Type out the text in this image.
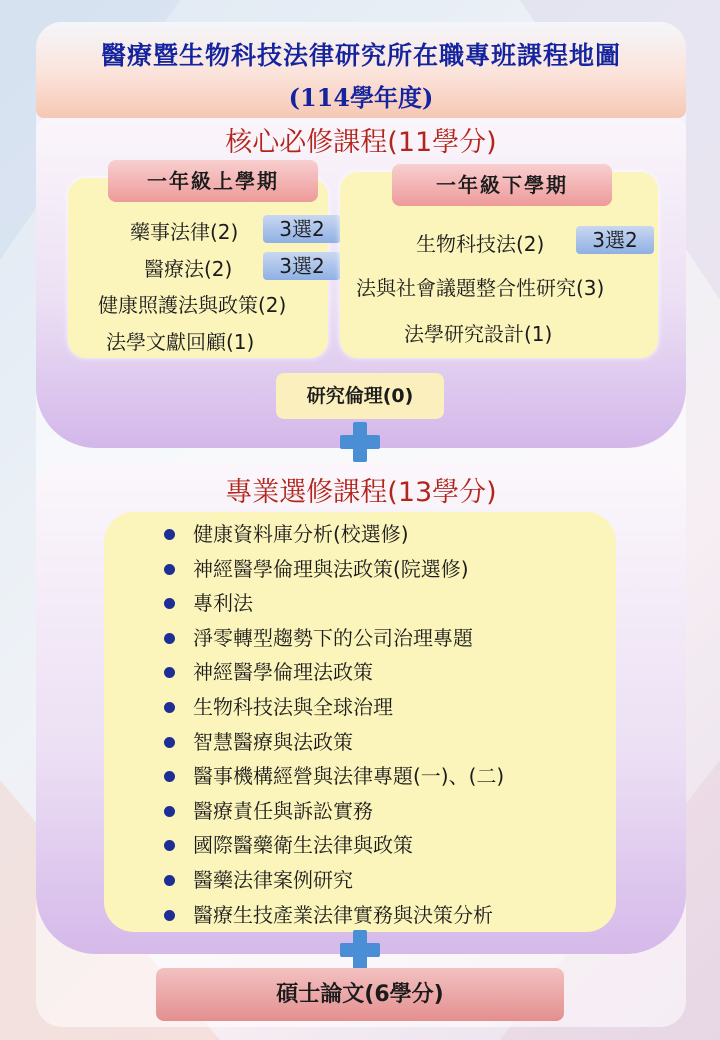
醫療暨生物科技法律研究所在職專班課程地圖
(114學年度)
核心必修課程(11學分)
一年級上學期
藥事法律(2)	3選2
醫療法(2)	3選2
健康照護法與政策(2)
法學文獻回顧(1)
一年級下學期
生物科技法(2)	3選2
法與社會議題整合性研究(3)
法學研究設計(1)
研究倫理(0)
專業選修課程(13學分)
健康資料庫分析(校選修)
神經醫學倫理與法政策(院選修)
專利法
淨零轉型趨勢下的公司治理專題
神經醫學倫理法政策
生物科技法與全球治理
智慧醫療與法政策
醫事機構經營與法律專題(一)、(二)
醫療責任與訴訟實務
國際醫藥衛生法律與政策
醫藥法律案例研究
醫療生技產業法律實務與決策分析
碩士論文(6學分)
